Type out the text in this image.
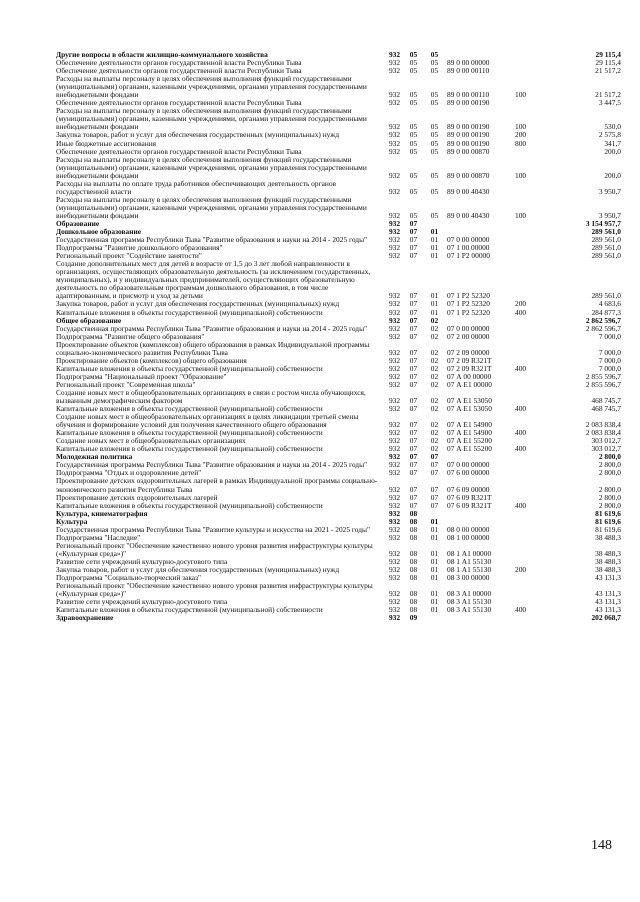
Другие вопросы в области жилищно-коммунального хозяйства	932	05	05	29 115,4
Обеспечение деятельности органов государственной власти Республики Тыва	932	05	05	89 0 00 00000	29 115,4
Обеспечение деятельности органов государственной власти Республики Тыва	932	05	05	89 0 00 00110	21 517,2
Расходы на выплаты персоналу в целях обеспечения выполнения функций государственными (муниципальными) органами, казенными учреждениями, органами управления государственными внебюджетными фондами	932	05	05	89 0 00 00110	100	21 517,2
Обеспечение деятельности органов государственной власти Республики Тыва	932	05	05	89 0 00 00190	3 447,5
Расходы на выплаты персоналу в целях обеспечения выполнения функций государственными (муниципальными) органами, казенными учреждениями, органами управления государственными внебюджетными фондами	932	05	05	89 0 00 00190	100	530,0
Закупка товаров, работ и услуг для обеспечения государственных (муниципальных) нужд	932	05	05	89 0 00 00190	200	2 575,8
Иные бюджетные ассигнования	932	05	05	89 0 00 00190	800	341,7
Обеспечение деятельности органов государственной власти Республики Тыва	932	05	05	89 0 00 00870	200,0
Расходы на выплаты персоналу в целях обеспечения выполнения функций государственными (муниципальными) органами, казенными учреждениями, органами управления государственными внебюджетными фондами	932	05	05	89 0 00 00870	100	200,0
Расходы на выплаты по оплате труда работников обеспечивающих деятельность органов государственной власти	932	05	05	89 0 00 40430	3 950,7
Расходы на выплаты персоналу в целях обеспечения выполнения функций государственными (муниципальными) органами, казенными учреждениями, органами управления государственными внебюджетными фондами	932	05	05	89 0 00 40430	100	3 950,7
Образование	932	07	3 154 957,7
Дошкольное образование	932	07	01	289 561,0
Государственная программа Республики Тыва "Развитие образования и науки на 2014 - 2025 годы"	932	07	01	07 0 00 00000	289 561,0
Подпрограмма "Развитие дошкольного образования"	932	07	01	07 1 00 00000	289 561,0
Региональный проект "Содействие занятости"	932	07	01	07 1 P2 00000	289 561,0
Создание дополнительных мест для детей в возрасте от 1,5 до 3 лет любой направленности в организациях, осуществляющих образовательную деятельность (за исключением государственных, муниципальных), и у индивидуальных предпринимателей, осуществляющих образовательную деятельность по образовательным программам дошкольного образования, в том числе адаптированным, и присмотр и уход за детьми	932	07	01	07 1 P2 52320	289 561,0
Закупка товаров, работ и услуг для обеспечения государственных (муниципальных) нужд	932	07	01	07 1 P2 52320	200	4 683,6
Капитальные вложения в объекты государственной (муниципальной) собственности	932	07	01	07 1 P2 52320	400	284 877,3
Общее образование	932	07	02	2 862 596,7
Государственная программа Республики Тыва "Развитие образования и науки на 2014 - 2025 годы"	932	07	02	07 0 00 00000	2 862 596,7
Подпрограмма "Развитие общего образования"	932	07	02	07 2 00 00000	7 000,0
Проектирование объектов (комплексов) общего образования в рамках Индивидуальной программы социально-экономического развития Республики Тыва	932	07	02	07 2 09 00000	7 000,0
Проектирование объектов (комплексов) общего образования	932	07	02	07 2 09 R321T	7 000,0
Капитальные вложения в объекты государственной (муниципальной) собственности	932	07	02	07 2 09 R321T	400	7 000,0
Подпрограмма "Национальный проект "Образование"	932	07	02	07 А 00 00000	2 855 596,7
Региональный проект "Современная школа"	932	07	02	07 А E1 00000	2 855 596,7
Создание новых мест в общеобразовательных организациях в связи с ростом числа обучающихся, вызванным демографическим фактором	932	07	02	07 А E1 53050	468 745,7
Капитальные вложения в объекты государственной (муниципальной) собственности	932	07	02	07 А E1 53050	400	468 745,7
Создание новых мест в общеобразовательных организациях в целях ликвидации третьей смены обучения и формирование условий для получения качественного общего образования	932	07	02	07 А E1 54900	2 083 838,4
Капитальные вложения в объекты государственной (муниципальной) собственности	932	07	02	07 А E1 54900	400	2 083 838,4
Создание новых мест в общеобразовательных организациях	932	07	02	07 А E1 55200	303 012,7
Капитальные вложения в объекты государственной (муниципальной) собственности	932	07	02	07 А E1 55200	400	303 012,7
Молодежная политика	932	07	07	2 800,0
Государственная программа Республики Тыва "Развитие образования и науки на 2014 - 2025 годы"	932	07	07	07 0 00 00000	2 800,0
Подпрограмма "Отдых и оздоровление детей"	932	07	07	07 6 00 00000	2 800,0
Проектирование детских оздоровительных лагерей в рамках Индивидуальной программы социально-экономического развития Республики Тыва	932	07	07	07 6 09 00000	2 800,0
Проектирование детских оздоровительных лагерей	932	07	07	07 6 09 R321T	2 800,0
Капитальные вложения в объекты государственной (муниципальной) собственности	932	07	07	07 6 09 R321T	400	2 800,0
Культура, кинематография	932	08	81 619,6
Культура	932	08	01	81 619,6
Государственная программа Республики Тыва "Развитие культуры и искусства на 2021 - 2025 годы"	932	08	01	08 0 00 00000	81 619,6
Подпрограмма "Наследие"	932	08	01	08 1 00 00000	38 488,3
Региональный проект "Обеспечение качественно нового уровня развития инфраструктуры культуры («Культурная среда»)"	932	08	01	08 1 А1 00000	38 488,3
Развитие сети учреждений культурно-досугового типа	932	08	01	08 1 А1 55130	38 488,3
Закупка товаров, работ и услуг для обеспечения государственных (муниципальных) нужд	932	08	01	08 1 А1 55130	200	38 488,3
Подпрограмма "Социально-творческий заказ"	932	08	01	08 3 00 00000	43 131,3
Региональный проект "Обеспечение качественно нового уровня развития инфраструктуры культуры («Культурная среда»)"	932	08	01	08 3 А1 00000	43 131,3
Развитие сети учреждений культурно-досугового типа	932	08	01	08 3 А1 55130	43 131,3
Капитальные вложения в объекты государственной (муниципальной) собственности	932	08	01	08 3 А1 55130	400	43 131,3
Здравоохранение	932	09	202 068,7
148
